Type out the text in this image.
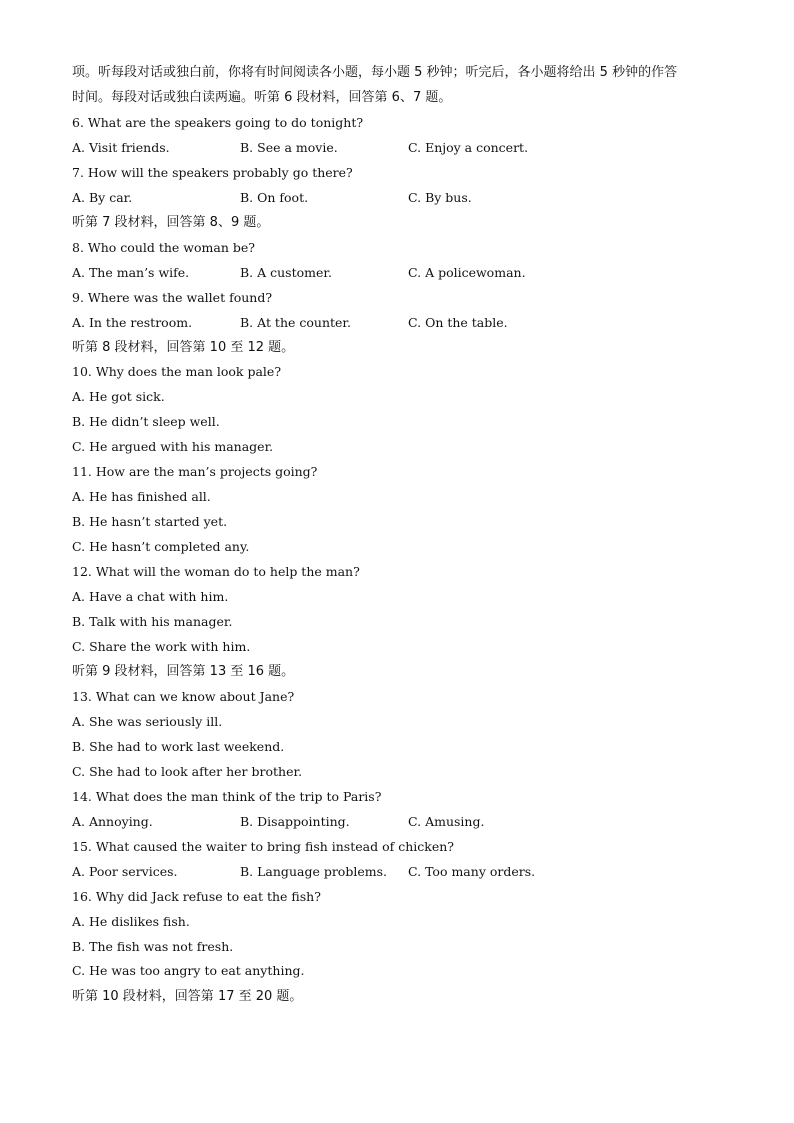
项。听每段对话或独白前，你将有时间阅读各小题，每小题 5 秒钟；听完后，各小题将给出 5 秒钟的作答
时间。每段对话或独白读两遍。听第 6 段材料，回答第 6、7 题。
6. What are the speakers going to do tonight?
A. Visit friends.	B. See a movie.	C. Enjoy a concert.
7. How will the speakers probably go there?
A. By car.	B. On foot.	C. By bus.
听第 7 段材料，回答第 8、9 题。
8. Who could the woman be?
A. The man’s wife.	B. A customer.	C. A policewoman.
9. Where was the wallet found?
A. In the restroom.	B. At the counter.	C. On the table.
听第 8 段材料，回答第 10 至 12 题。
10. Why does the man look pale?
A. He got sick.
B. He didn’t sleep well.
C. He argued with his manager.
11. How are the man’s projects going?
A. He has finished all.
B. He hasn’t started yet.
C. He hasn’t completed any.
12. What will the woman do to help the man?
A. Have a chat with him.
B. Talk with his manager.
C. Share the work with him.
听第 9 段材料，回答第 13 至 16 题。
13. What can we know about Jane?
A. She was seriously ill.
B. She had to work last weekend.
C. She had to look after her brother.
14. What does the man think of the trip to Paris?
A. Annoying.	B. Disappointing.	C. Amusing.
15. What caused the waiter to bring fish instead of chicken?
A. Poor services.	B. Language problems. C. Too many orders.
16. Why did Jack refuse to eat the fish?
A. He dislikes fish.
B. The fish was not fresh.
C. He was too angry to eat anything.
听第 10 段材料，回答第 17 至 20 题。
